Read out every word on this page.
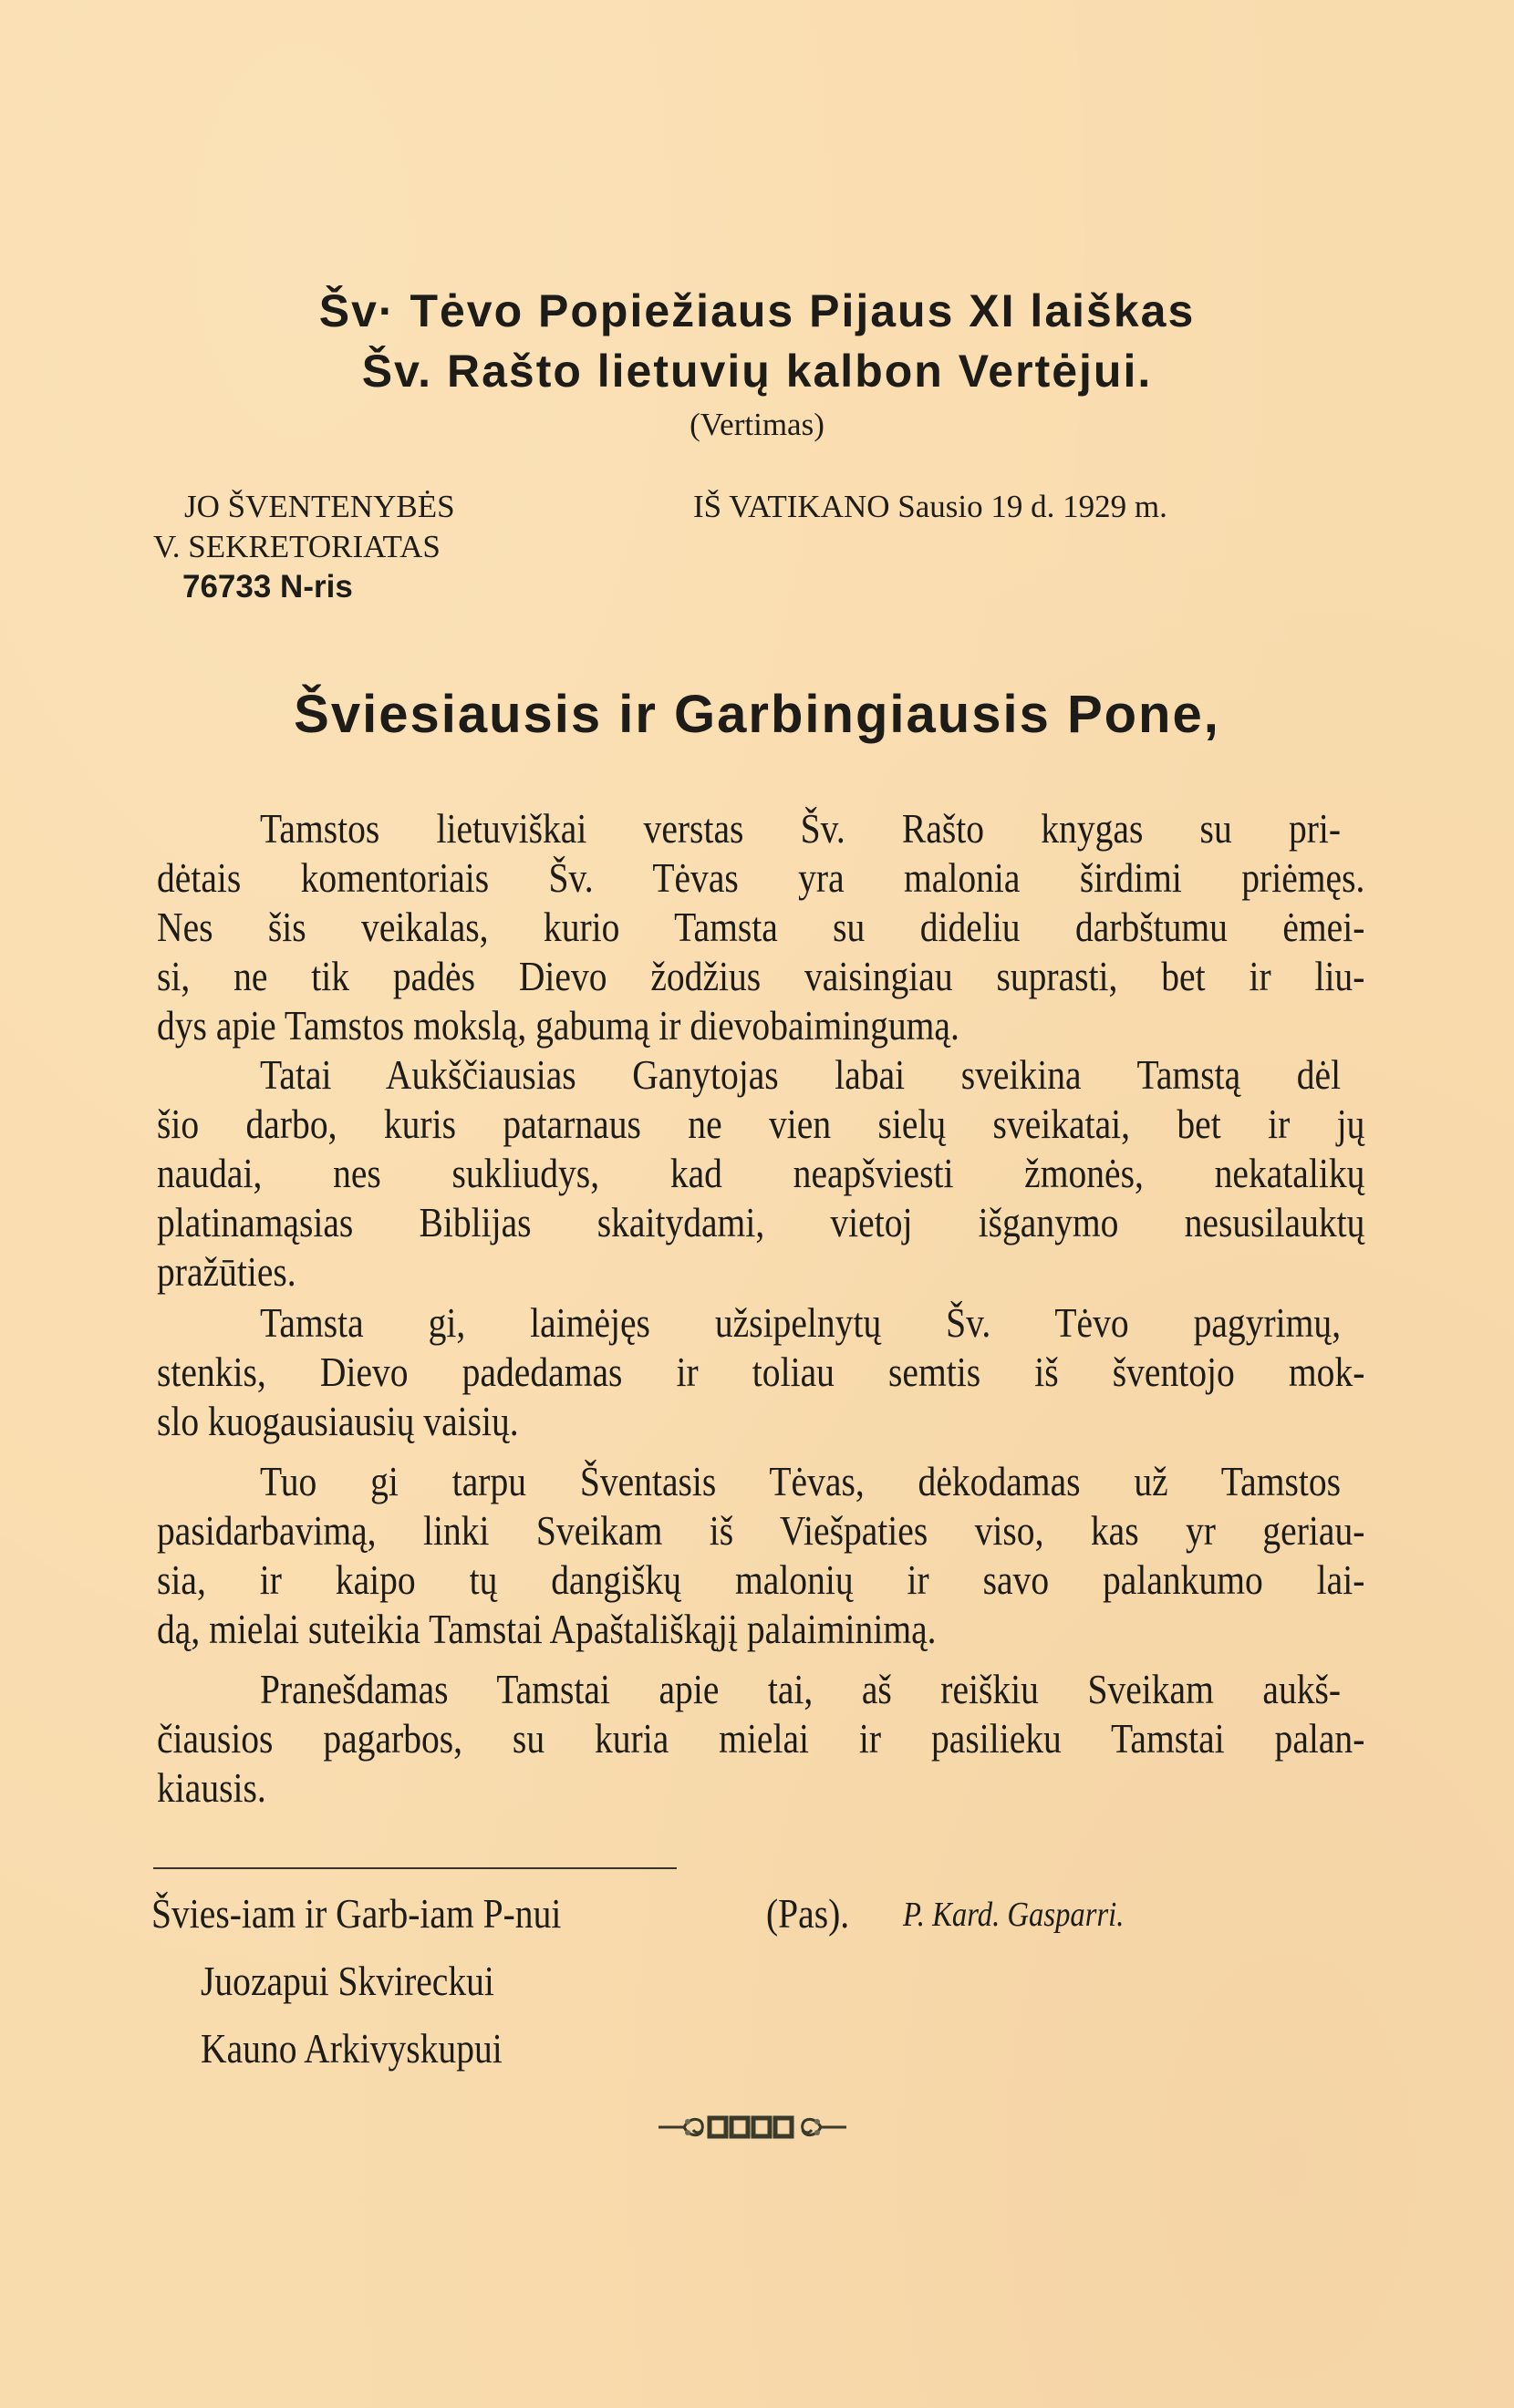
Šv· Tėvo Popiežiaus Pijaus XI laiškas
Šv. Rašto lietuvių kalbon Vertėjui.
(Vertimas)
JO ŠVENTENYBĖS
V. SEKRETORIATAS
76733 N-ris
IŠ VATIKANO Sausio 19 d. 1929 m.
Šviesiausis ir Garbingiausis Pone,
Tamstos lietuviškai verstas Šv. Rašto knygas su pri-
dėtais komentoriais Šv. Tėvas yra malonia širdimi priėmęs.
Nes šis veikalas, kurio Tamsta su dideliu darbštumu ėmei-
si, ne tik padės Dievo žodžius vaisingiau suprasti, bet ir liu-
dys apie Tamstos mokslą, gabumą ir dievobaimingumą.
Tatai Aukščiausias Ganytojas labai sveikina Tamstą dėl
šio darbo, kuris patarnaus ne vien sielų sveikatai, bet ir jų
naudai, nes sukliudys, kad neapšviesti žmonės, nekatalikų
platinamąsias Biblijas skaitydami, vietoj išganymo nesusilauktų
pražūties.
Tamsta gi, laimėjęs užsipelnytų Šv. Tėvo pagyrimų,
stenkis, Dievo padedamas ir toliau semtis iš šventojo mok-
slo kuogausiausių vaisių.
Tuo gi tarpu Šventasis Tėvas, dėkodamas už Tamstos
pasidarbavimą, linki Sveikam iš Viešpaties viso, kas yr geriau-
sia, ir kaipo tų dangiškų malonių ir savo palankumo lai-
dą, mielai suteikia Tamstai Apaštališkąjį palaiminimą.
Pranešdamas Tamstai apie tai, aš reiškiu Sveikam aukš-
čiausios pagarbos, su kuria mielai ir pasilieku Tamstai palan-
kiausis.
Švies-iam ir Garb-iam P-nui
Juozapui Skvireckui
Kauno Arkivyskupui
(Pas). P. Kard. Gasparri.
